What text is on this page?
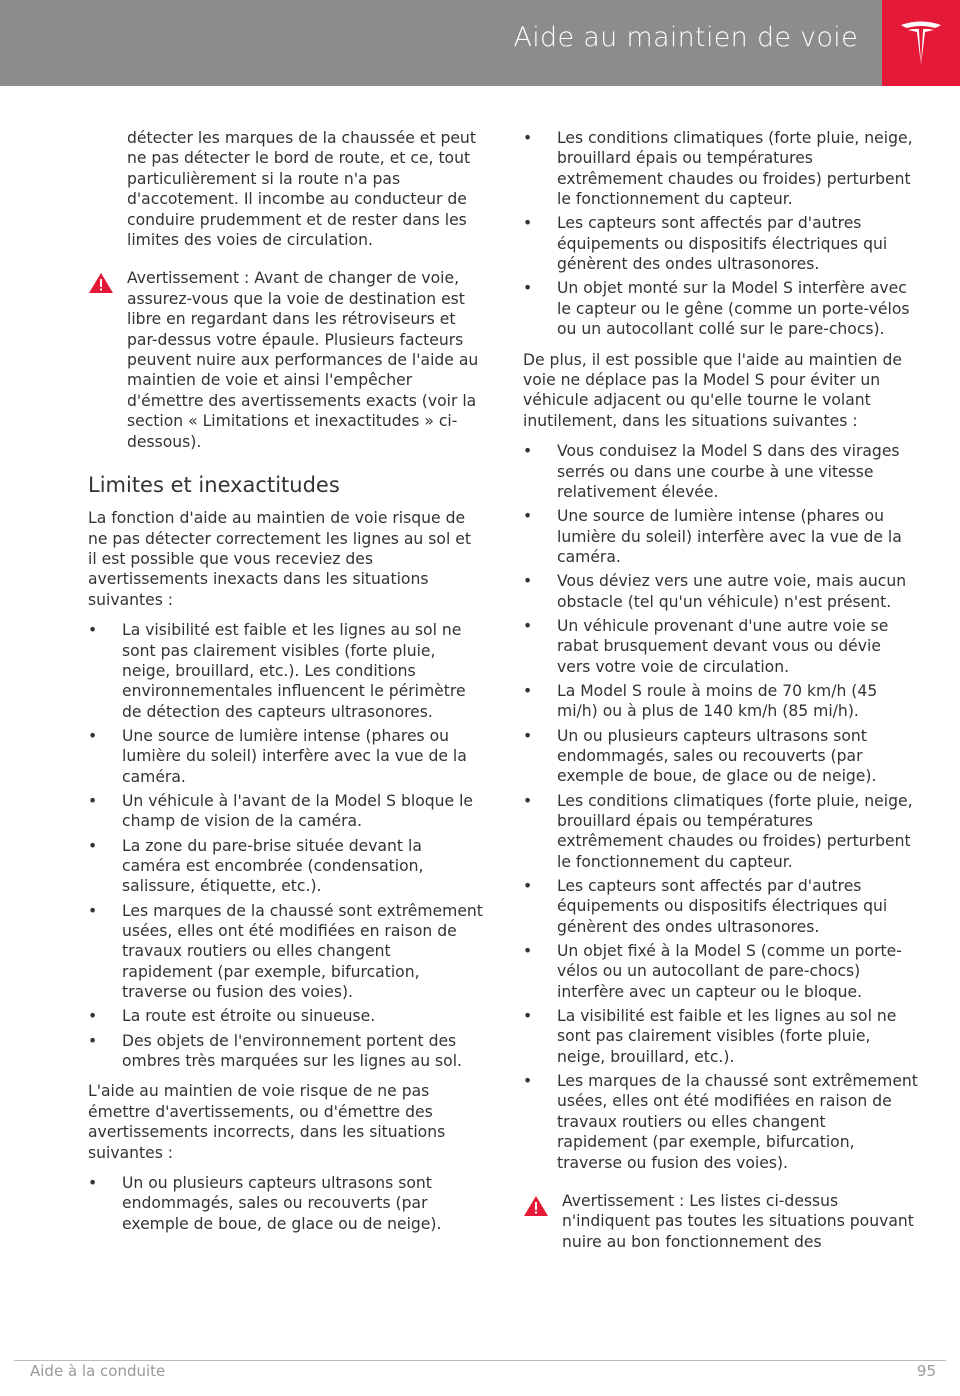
Aide au maintien de voie

détecter les marques de la chaussée et peut ne pas détecter le bord de route, et ce, tout particulièrement si la route n'a pas d'accotement. Il incombe au conducteur de conduire prudemment et de rester dans les limites des voies de circulation.

Avertissement : Avant de changer de voie, assurez-vous que la voie de destination est libre en regardant dans les rétroviseurs et par-dessus votre épaule. Plusieurs facteurs peuvent nuire aux performances de l'aide au maintien de voie et ainsi l'empêcher d'émettre des avertissements exacts (voir la section « Limitations et inexactitudes » ci-dessous).
Limites et inexactitudes

La fonction d'aide au maintien de voie risque de ne pas détecter correctement les lignes au sol et il est possible que vous receviez des avertissements inexacts dans les situations suivantes :

• La visibilité est faible et les lignes au sol ne sont pas clairement visibles (forte pluie, neige, brouillard, etc.). Les conditions environnementales influencent le périmètre de détection des capteurs ultrasonores.
• Une source de lumière intense (phares ou lumière du soleil) interfère avec la vue de la caméra.
• Un véhicule à l'avant de la Model S bloque le champ de vision de la caméra.
• La zone du pare-brise située devant la caméra est encombrée (condensation, salissure, étiquette, etc.).
• Les marques de la chaussé sont extrêmement usées, elles ont été modifiées en raison de travaux routiers ou elles changent rapidement (par exemple, bifurcation, traverse ou fusion des voies).
• La route est étroite ou sinueuse.
• Des objets de l'environnement portent des ombres très marquées sur les lignes au sol.

L'aide au maintien de voie risque de ne pas émettre d'avertissements, ou d'émettre des avertissements incorrects, dans les situations suivantes :

• Un ou plusieurs capteurs ultrasons sont endommagés, sales ou recouverts (par exemple de boue, de glace ou de neige).
• Les conditions climatiques (forte pluie, neige, brouillard épais ou températures extrêmement chaudes ou froides) perturbent le fonctionnement du capteur.
• Les capteurs sont affectés par d'autres équipements ou dispositifs électriques qui génèrent des ondes ultrasonores.
• Un objet monté sur la Model S interfère avec le capteur ou le gêne (comme un porte-vélos ou un autocollant collé sur le pare-chocs).

De plus, il est possible que l'aide au maintien de voie ne déplace pas la Model S pour éviter un véhicule adjacent ou qu'elle tourne le volant inutilement, dans les situations suivantes :

• Vous conduisez la Model S dans des virages serrés ou dans une courbe à une vitesse relativement élevée.
• Une source de lumière intense (phares ou lumière du soleil) interfère avec la vue de la caméra.
• Vous déviez vers une autre voie, mais aucun obstacle (tel qu'un véhicule) n'est présent.
• Un véhicule provenant d'une autre voie se rabat brusquement devant vous ou dévie vers votre voie de circulation.
• La Model S roule à moins de 70 km/h (45 mi/h) ou à plus de 140 km/h (85 mi/h).
• Un ou plusieurs capteurs ultrasons sont endommagés, sales ou recouverts (par exemple de boue, de glace ou de neige).
• Les conditions climatiques (forte pluie, neige, brouillard épais ou températures extrêmement chaudes ou froides) perturbent le fonctionnement du capteur.
• Les capteurs sont affectés par d'autres équipements ou dispositifs électriques qui génèrent des ondes ultrasonores.
• Un objet fixé à la Model S (comme un porte-vélos ou un autocollant de pare-chocs) interfère avec un capteur ou le bloque.
• La visibilité est faible et les lignes au sol ne sont pas clairement visibles (forte pluie, neige, brouillard, etc.).
• Les marques de la chaussé sont extrêmement usées, elles ont été modifiées en raison de travaux routiers ou elles changent rapidement (par exemple, bifurcation, traverse ou fusion des voies).
Avertissement : Les listes ci-dessus n'indiquent pas toutes les situations pouvant nuire au bon fonctionnement des
Aide à la conduite	95
